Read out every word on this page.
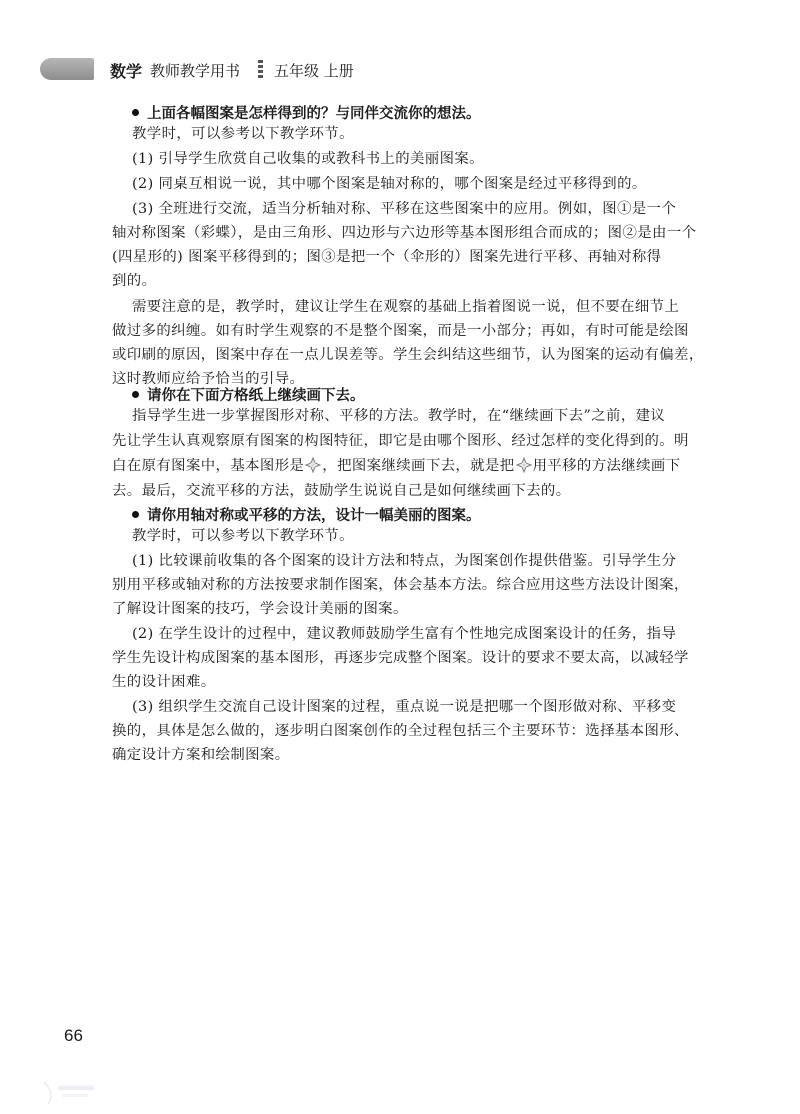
数学 教师教学用书 五年级 上册
上面各幅图案是怎样得到的？与同伴交流你的想法。
教学时，可以参考以下教学环节。
(1) 引导学生欣赏自己收集的或教科书上的美丽图案。
(2) 同桌互相说一说，其中哪个图案是轴对称的，哪个图案是经过平移得到的。
(3) 全班进行交流，适当分析轴对称、平移在这些图案中的应用。例如，图①是一个
轴对称图案（彩蝶），是由三角形、四边形与六边形等基本图形组合而成的；图②是由一个
(四星形的) 图案平移得到的；图③是把一个（伞形的）图案先进行平移、再轴对称得
到的。
需要注意的是，教学时，建议让学生在观察的基础上指着图说一说，但不要在细节上
做过多的纠缠。如有时学生观察的不是整个图案，而是一小部分；再如，有时可能是绘图
或印刷的原因，图案中存在一点儿误差等。学生会纠结这些细节，认为图案的运动有偏差，
这时教师应给予恰当的引导。
请你在下面方格纸上继续画下去。
指导学生进一步掌握图形对称、平移的方法。教学时，在“继续画下去”之前，建议
先让学生认真观察原有图案的构图特征，即它是由哪个图形、经过怎样的变化得到的。明
白在原有图案中，基本图形是 ，把图案继续画下去，就是把 用平移的方法继续画下
去。最后，交流平移的方法，鼓励学生说说自己是如何继续画下去的。
请你用轴对称或平移的方法，设计一幅美丽的图案。
教学时，可以参考以下教学环节。
(1) 比较课前收集的各个图案的设计方法和特点，为图案创作提供借鉴。引导学生分
别用平移或轴对称的方法按要求制作图案，体会基本方法。综合应用这些方法设计图案，
了解设计图案的技巧，学会设计美丽的图案。
(2) 在学生设计的过程中，建议教师鼓励学生富有个性地完成图案设计的任务，指导
学生先设计构成图案的基本图形，再逐步完成整个图案。设计的要求不要太高，以减轻学
生的设计困难。
(3) 组织学生交流自己设计图案的过程，重点说一说是把哪一个图形做对称、平移变
换的，具体是怎么做的，逐步明白图案创作的全过程包括三个主要环节：选择基本图形、
确定设计方案和绘制图案。
66
